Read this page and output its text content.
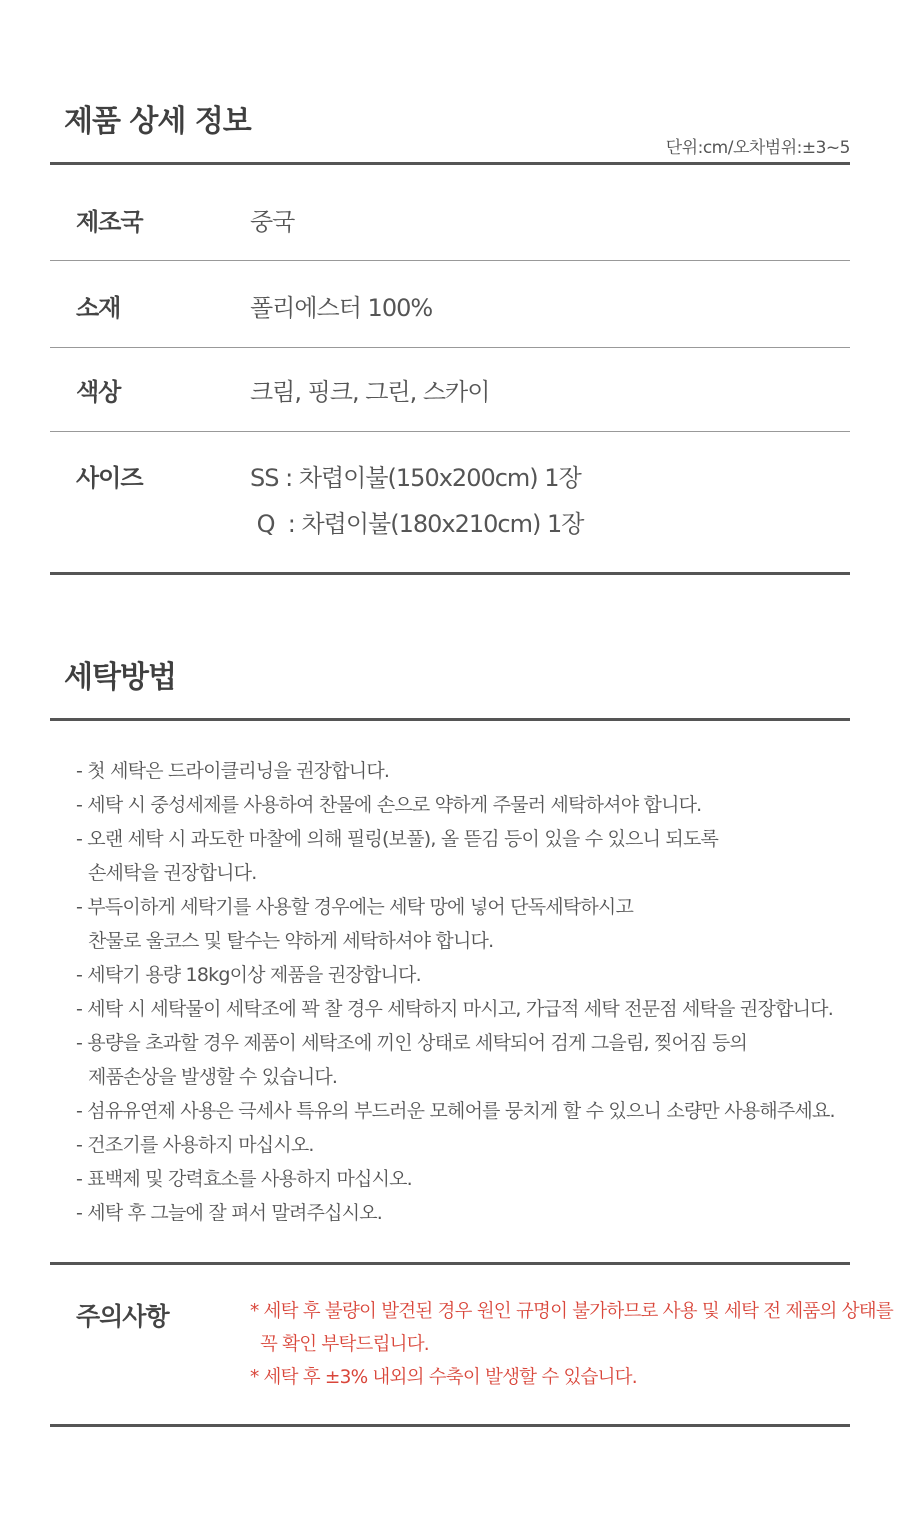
제품 상세 정보
단위:cm/오차범위:±3~5
제조국	중국
소재	폴리에스터 100%
색상	크림, 핑크, 그린, 스카이
사이즈	SS : 차렵이불(150x200cm) 1장
Q  : 차렵이불(180x210cm) 1장
세탁방법
- 첫 세탁은 드라이클리닝을 권장합니다.
- 세탁 시 중성세제를 사용하여 찬물에 손으로 약하게 주물러 세탁하셔야 합니다.
- 오랜 세탁 시 과도한 마찰에 의해 필링(보풀), 올 뜯김 등이 있을 수 있으니 되도록
손세탁을 권장합니다.
- 부득이하게 세탁기를 사용할 경우에는 세탁 망에 넣어 단독세탁하시고
찬물로 울코스 및 탈수는 약하게 세탁하셔야 합니다.
- 세탁기 용량 18kg이상 제품을 권장합니다.
- 세탁 시 세탁물이 세탁조에 꽉 찰 경우 세탁하지 마시고, 가급적 세탁 전문점 세탁을 권장합니다.
- 용량을 초과할 경우 제품이 세탁조에 끼인 상태로 세탁되어 검게 그을림, 찢어짐 등의
제품손상을 발생할 수 있습니다.
- 섬유유연제 사용은 극세사 특유의 부드러운 모헤어를 뭉치게 할 수 있으니 소량만 사용해주세요.
- 건조기를 사용하지 마십시오.
- 표백제 및 강력효소를 사용하지 마십시오.
- 세탁 후 그늘에 잘 펴서 말려주십시오.
주의사항	* 세탁 후 불량이 발견된 경우 원인 규명이 불가하므로 사용 및 세탁 전 제품의 상태를
꼭 확인 부탁드립니다.
* 세탁 후 ±3% 내외의 수축이 발생할 수 있습니다.
